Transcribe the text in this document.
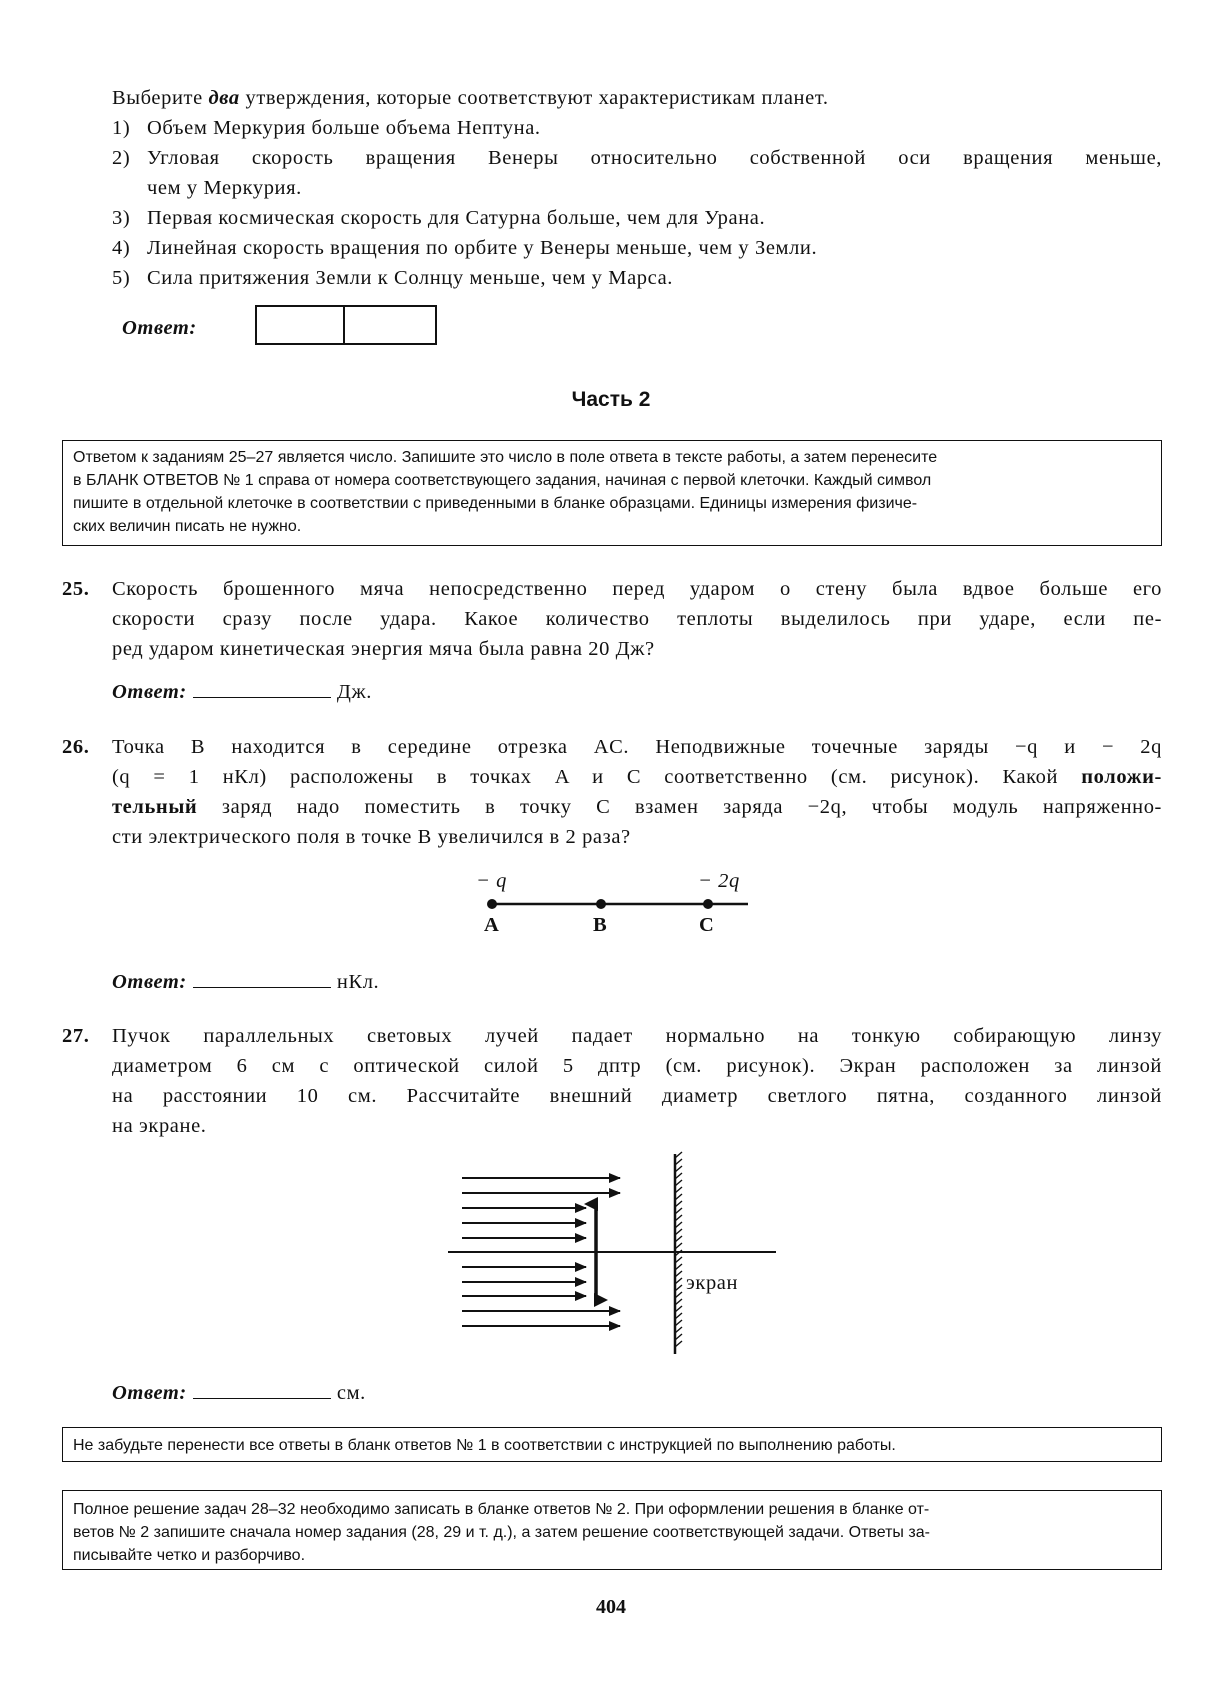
Выберите два утверждения, которые соответствуют характеристикам планет.
1) Объем Меркурия больше объема Нептуна.
2) Угловая скорость вращения Венеры относительно собственной оси вращения меньше,
чем у Меркурия.
3) Первая космическая скорость для Сатурна больше, чем для Урана.
4) Линейная скорость вращения по орбите у Венеры меньше, чем у Земли.
5) Сила притяжения Земли к Солнцу меньше, чем у Марса.
Ответ:
Часть 2
Ответом к заданиям 25–27 является число. Запишите это число в поле ответа в тексте работы, а затем перенесите
в БЛАНК ОТВЕТОВ № 1 справа от номера соответствующего задания, начиная с первой клеточки. Каждый символ
пишите в отдельной клеточке в соответствии с приведенными в бланке образцами. Единицы измерения физиче-
ских величин писать не нужно.
25. Скорость брошенного мяча непосредственно перед ударом о стену была вдвое больше его
скорости сразу после удара. Какое количество теплоты выделилось при ударе, если пе-
ред ударом кинетическая энергия мяча была равна 20 Дж?
Ответ:	Дж.
26. Точка B находится в середине отрезка AC. Неподвижные точечные заряды −q и − 2q
(q = 1 нКл) расположены в точках A и C соответственно (см. рисунок). Какой положи-
тельный заряд надо поместить в точку C взамен заряда −2q, чтобы модуль напряженно-
сти электрического поля в точке B увеличился в 2 раза?
− q	− 2q
A	B	C
Ответ:	нКл.
27. Пучок параллельных световых лучей падает нормально на тонкую собирающую линзу
диаметром 6 см с оптической силой 5 дптр (см. рисунок). Экран расположен за линзой
на расстоянии 10 см. Рассчитайте внешний диаметр светлого пятна, созданного линзой
на экране.
экран
Ответ:	см.
Не забудьте перенести все ответы в бланк ответов № 1 в соответствии с инструкцией по выполнению работы.
Полное решение задач 28–32 необходимо записать в бланке ответов № 2. При оформлении решения в бланке от-
ветов № 2 запишите сначала номер задания (28, 29 и т. д.), а затем решение соответствующей задачи. Ответы за-
писывайте четко и разборчиво.
404
